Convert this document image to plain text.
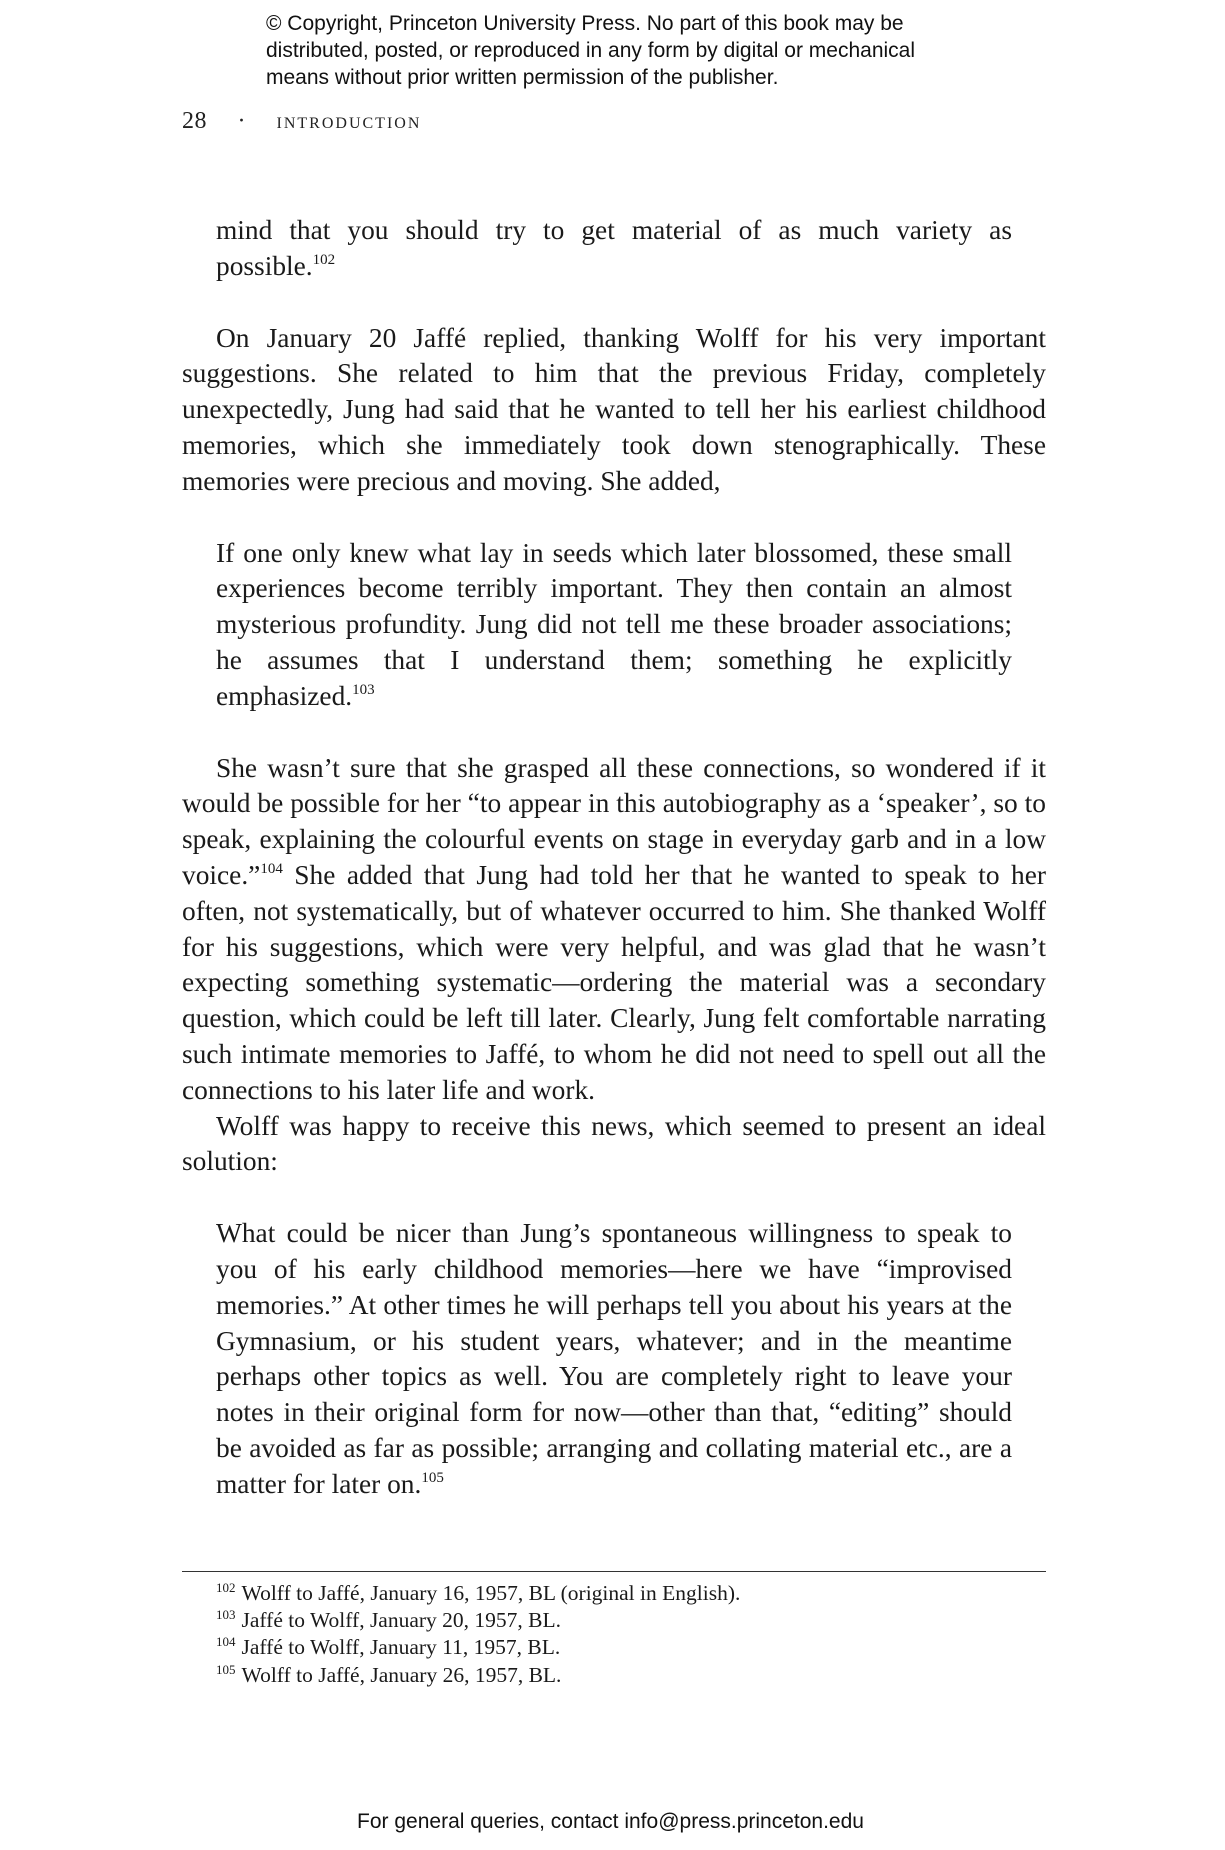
© Copyright, Princeton University Press. No part of this book may be
distributed, posted, or reproduced in any form by digital or mechanical
means without prior written permission of the publisher.
28 · introduction

mind that you should try to get material of as much variety as possible.$^{102}$

On January 20 Jaffé replied, thanking Wolff for his very important suggestions. She related to him that the previous Friday, completely unexpectedly, Jung had said that he wanted to tell her his earliest childhood memories, which she immediately took down stenographically. These memories were precious and moving. She added,

If one only knew what lay in seeds which later blossomed, these small experiences become terribly important. They then contain an almost mysterious profundity. Jung did not tell me these broader associations; he assumes that I understand them; something he explicitly emphasized.$^{103}$

She wasn’t sure that she grasped all these connections, so wondered if it would be possible for her “to appear in this autobiography as a ‘speaker’, so to speak, explaining the colourful events on stage in everyday garb and in a low voice.”$^{104}$ She added that Jung had told her that he wanted to speak to her often, not systematically, but of whatever occurred to him. She thanked Wolff for his suggestions, which were very helpful, and was glad that he wasn’t expecting something systematic—ordering the material was a secondary question, which could be left till later. Clearly, Jung felt comfortable narrating such intimate memories to Jaffé, to whom he did not need to spell out all the connections to his later life and work.

Wolff was happy to receive this news, which seemed to present an ideal solution:

What could be nicer than Jung’s spontaneous willingness to speak to you of his early childhood memories—here we have “improvised memories.” At other times he will perhaps tell you about his years at the Gymnasium, or his student years, whatever; and in the meantime perhaps other topics as well. You are completely right to leave your notes in their original form for now—other than that, “editing” should be avoided as far as possible; arranging and collating material etc., are a matter for later on.$^{105}$

$^{102}$ Wolff to Jaffé, January 16, 1957, BL (original in English).

$^{103}$ Jaffé to Wolff, January 20, 1957, BL.

$^{104}$ Jaffé to Wolff, January 11, 1957, BL.

$^{105}$ Wolff to Jaffé, January 26, 1957, BL.

For general queries, contact info@press.princeton.edu
